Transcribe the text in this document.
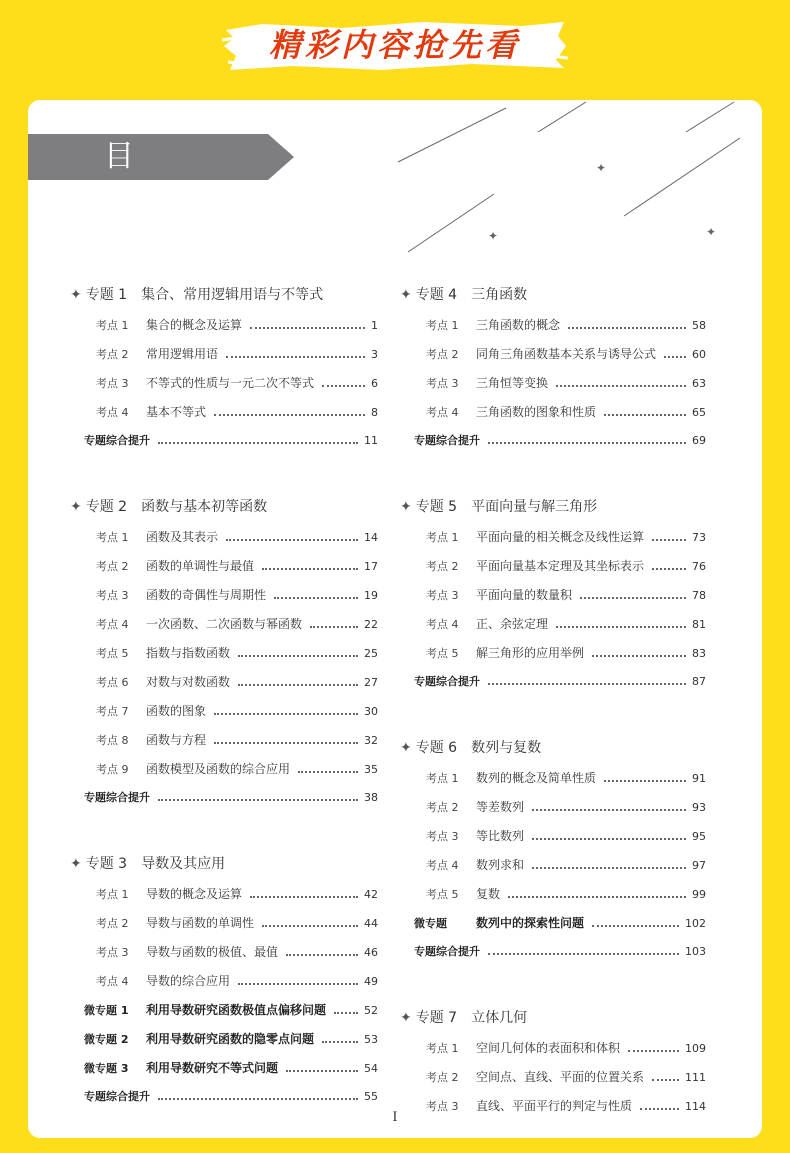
精彩内容抢先看
目录
✦
✦	✦
✦ 专题 1 集合、常用逻辑用语与不等式
考点 1	集合的概念及运算	1
考点 2	常用逻辑用语	3
考点 3	不等式的性质与一元二次不等式	6
考点 4	基本不等式	8
专题综合提升	11
✦ 专题 2 函数与基本初等函数
考点 1	函数及其表示	14
考点 2	函数的单调性与最值	17
考点 3	函数的奇偶性与周期性	19
考点 4	一次函数、二次函数与幂函数	22
考点 5	指数与指数函数	25
考点 6	对数与对数函数	27
考点 7	函数的图象	30
考点 8	函数与方程	32
考点 9	函数模型及函数的综合应用	35
专题综合提升	38
✦ 专题 3 导数及其应用
考点 1	导数的概念及运算	42
考点 2	导数与函数的单调性	44
考点 3	导数与函数的极值、最值	46
考点 4	导数的综合应用	49
微专题 1	利用导数研究函数极值点偏移问题	52
微专题 2	利用导数研究函数的隐零点问题	53
微专题 3	利用导数研究不等式问题	54
专题综合提升	55
✦ 专题 4 三角函数
考点 1	三角函数的概念	58
考点 2	同角三角函数基本关系与诱导公式	60
考点 3	三角恒等变换	63
考点 4	三角函数的图象和性质	65
专题综合提升	69
✦ 专题 5 平面向量与解三角形
考点 1	平面向量的相关概念及线性运算	73
考点 2	平面向量基本定理及其坐标表示	76
考点 3	平面向量的数量积	78
考点 4	正、余弦定理	81
考点 5	解三角形的应用举例	83
专题综合提升	87
✦ 专题 6 数列与复数
考点 1	数列的概念及简单性质	91
考点 2	等差数列	93
考点 3	等比数列	95
考点 4	数列求和	97
考点 5	复数	99
微专题	数列中的探索性问题	102
专题综合提升	103
✦ 专题 7 立体几何
考点 1	空间几何体的表面积和体积	109
考点 2	空间点、直线、平面的位置关系	111
考点 3	直线、平面平行的判定与性质	114
I
